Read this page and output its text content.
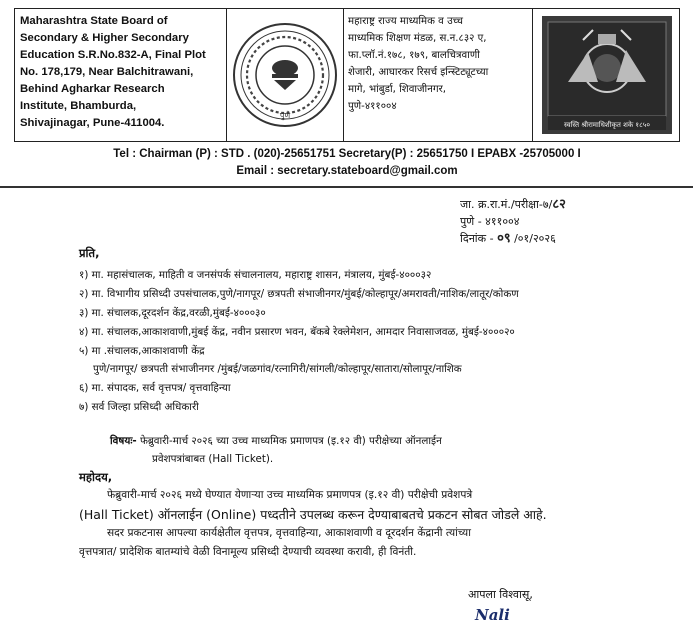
Maharashtra State Board of
Secondary & Higher Secondary
Education S.R.No.832-A, Final Plot
No. 178,179, Near Balchitrawani,
Behind Agharkar Research
Institute, Bhamburda,
Shivajinagar, Pune-411004.
पुणे
महाराष्ट्र राज्य माध्यमिक व उच्च
माध्यमिक शिक्षण मंडळ, स.न.८३२ ए,
फा.प्लॉ.नं.१७८, १७९, बालचित्रवाणी
शेजारी, आघारकर रिसर्च इन्स्टिट्यूटच्या
मागे, भांबुर्डा, शिवाजीनगर,
पुणे-४११००४
स्वस्ति श्रीरामाधिशीकृत शके १८५०
Tel : Chairman (P) : STD . (020)-25651751 Secretary(P) : 25651750 I EPABX -25705000 I
Email : secretary.stateboard@gmail.com
जा. क्र.रा.मं./परीक्षा-७/८२
पुणे - ४११००४
दिनांक - ०९ /०१/२०२६
प्रति,
१) मा. महासंचालक, माहिती व जनसंपर्क संचालनालय, महाराष्ट्र शासन, मंत्रालय, मुंबई-४०००३२
२) मा. विभागीय प्रसिध्दी उपसंचालक,पुणे/नागपूर/ छत्रपती संभाजीनगर/मुंबई/कोल्हापूर/अमरावती/नाशिक/लातूर/कोकण
३) मा. संचालक,दूरदर्शन केंद्र,वरळी,मुंबई-४०००३०
४) मा. संचालक,आकाशवाणी,मुंबई केंद्र, नवीन प्रसारण भवन, बॅकबे रेक्लेमेशन, आमदार निवासाजवळ, मुंबई-४०००२०
५) मा .संचालक,आकाशवाणी केंद्र
पुणे/नागपूर/ छत्रपती संभाजीनगर /मुंबई/जळगांव/रत्नागिरी/सांगली/कोल्हापूर/सातारा/सोलापूर/नाशिक
६) मा. संपादक, सर्व वृत्तपत्र/ वृत्तवाहिन्या
७) सर्व जिल्हा प्रसिध्दी अधिकारी
विषयः- फेब्रुवारी-मार्च २०२६ च्या उच्च माध्यमिक प्रमाणपत्र (इ.१२ वी) परीक्षेच्या ऑनलाईन
प्रवेशपत्रांबाबत (Hall Ticket).
महोदय,
फेब्रुवारी-मार्च २०२६ मध्ये घेण्यात येणाऱ्या उच्च माध्यमिक प्रमाणपत्र (इ.१२ वी) परीक्षेची प्रवेशपत्रे
(Hall Ticket) ऑनलाईन (Online) पध्दतीने उपलब्ध करून देण्याबाबतचे प्रकटन सोबत जोडले आहे.
सदर प्रकटनास आपल्या कार्यक्षेतील वृत्तपत्र, वृत्तवाहिन्या, आकाशवाणी व दूरदर्शन केंद्रानी त्यांच्या
वृत्तपत्रात/ प्रादेशिक बातम्यांचे वेळी विनामूल्य प्रसिध्दी देण्याची व्यवस्था करावी, ही विनंती.
आपला विश्वासू,
Nali
